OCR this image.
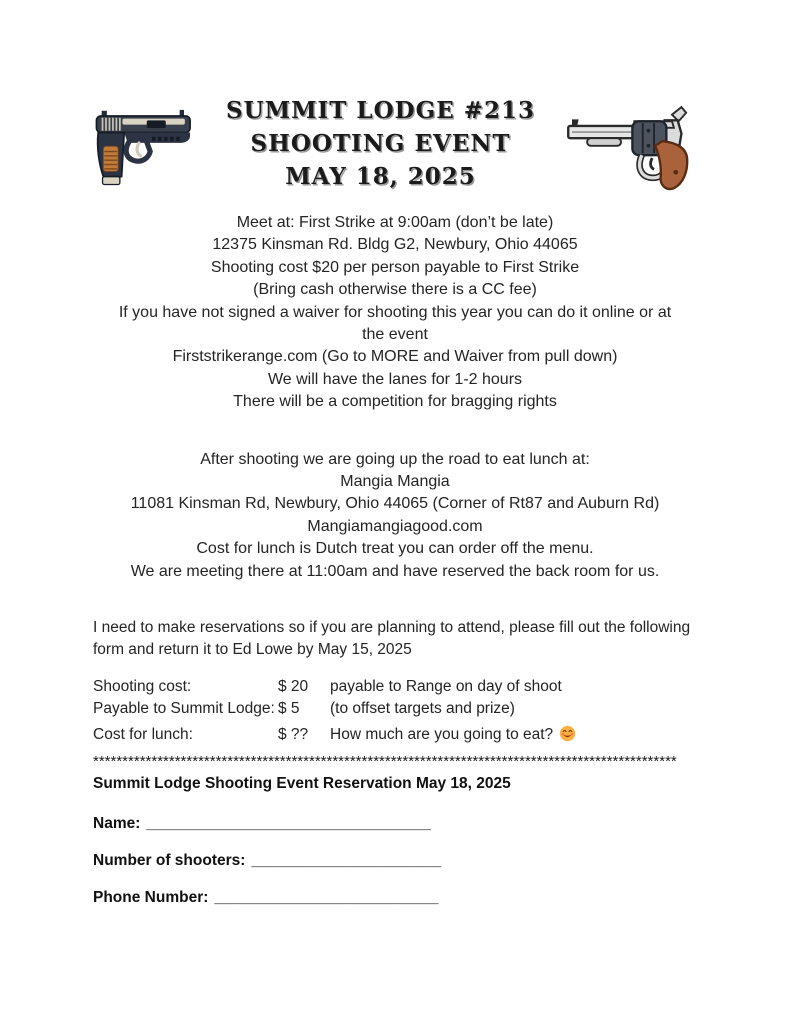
SUMMIT LODGE #213
SHOOTING EVENT
MAY 18, 2025
Meet at: First Strike at 9:00am (don’t be late)
12375 Kinsman Rd. Bldg G2, Newbury, Ohio 44065
Shooting cost $20 per person payable to First Strike
(Bring cash otherwise there is a CC fee)
If you have not signed a waiver for shooting this year you can do it online or at
the event
Firststrikerange.com (Go to MORE and Waiver from pull down)
We will have the lanes for 1-2 hours
There will be a competition for bragging rights
After shooting we are going up the road to eat lunch at:
Mangia Mangia
11081 Kinsman Rd, Newbury, Ohio 44065 (Corner of Rt87 and Auburn Rd)
Mangiamangiagood.com
Cost for lunch is Dutch treat you can order off the menu.
We are meeting there at 11:00am and have reserved the back room for us.
I need to make reservations so if you are planning to attend, please fill out the following
form and return it to Ed Lowe by May 15, 2025
Shooting cost:	$ 20	payable to Range on day of shoot
Payable to Summit Lodge: $ 5	(to offset targets and prize)
Cost for lunch:	$ ??	How much are you going to eat?
****************************************************************************************************
Summit Lodge Shooting Event Reservation May 18, 2025
Name: _________________________________
Number of shooters: ______________________
Phone Number: __________________________
